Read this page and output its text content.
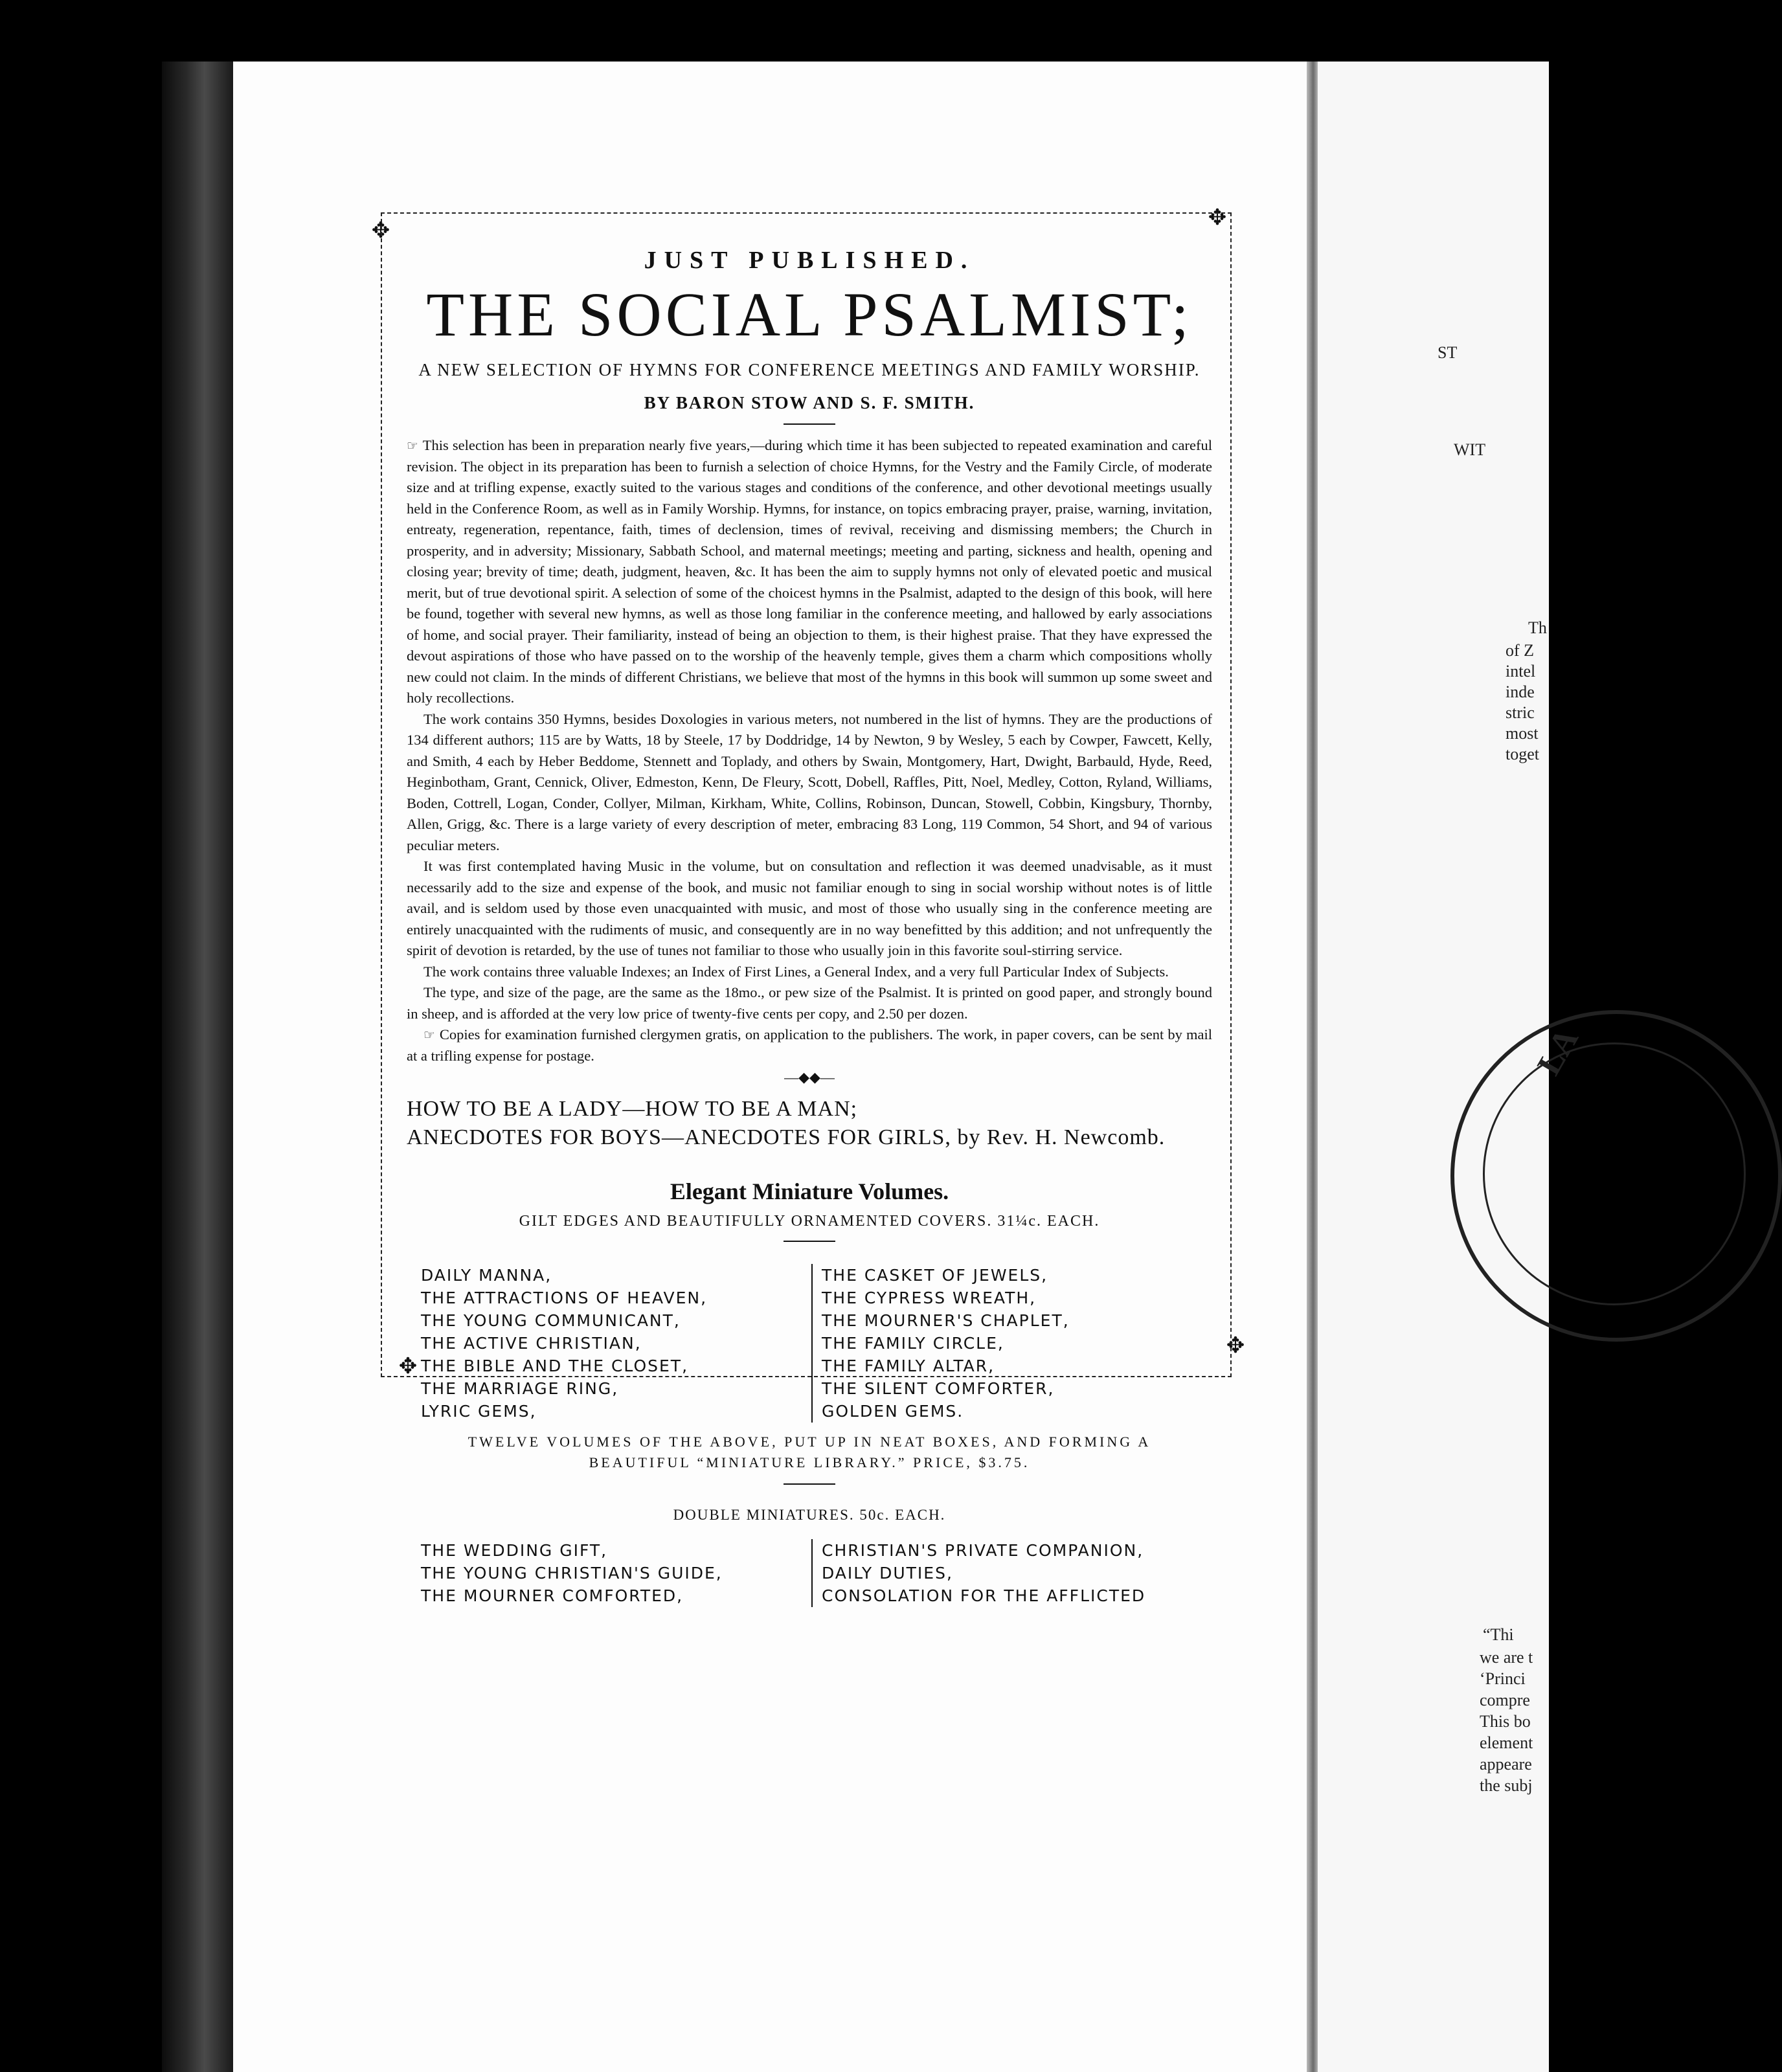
✥	✥
✥
✥
JUST PUBLISHED.
THE SOCIAL PSALMIST;
A NEW SELECTION OF HYMNS FOR CONFERENCE MEETINGS AND FAMILY WORSHIP.
BY BARON STOW AND S. F. SMITH.

☞ This selection has been in preparation nearly five years,—during which time it has been subjected to repeated examination and careful revision. The object in its preparation has been to furnish a selection of choice Hymns, for the Vestry and the Family Circle, of moderate size and at trifling expense, exactly suited to the various stages and conditions of the conference, and other devotional meetings usually held in the Conference Room, as well as in Family Worship. Hymns, for instance, on topics embracing prayer, praise, warning, invitation, entreaty, regeneration, repentance, faith, times of declension, times of revival, receiving and dismissing members; the Church in prosperity, and in adversity; Missionary, Sabbath School, and maternal meetings; meeting and parting, sickness and health, opening and closing year; brevity of time; death, judgment, heaven, &c. It has been the aim to supply hymns not only of elevated poetic and musical merit, but of true devotional spirit. A selection of some of the choicest hymns in the Psalmist, adapted to the design of this book, will here be found, together with several new hymns, as well as those long familiar in the conference meeting, and hallowed by early associations of home, and social prayer. Their familiarity, instead of being an objection to them, is their highest praise. That they have expressed the devout aspirations of those who have passed on to the worship of the heavenly temple, gives them a charm which compositions wholly new could not claim. In the minds of different Christians, we believe that most of the hymns in this book will summon up some sweet and holy recollections.

The work contains 350 Hymns, besides Doxologies in various meters, not numbered in the list of hymns. They are the productions of 134 different authors; 115 are by Watts, 18 by Steele, 17 by Doddridge, 14 by Newton, 9 by Wesley, 5 each by Cowper, Fawcett, Kelly, and Smith, 4 each by Heber Beddome, Stennett and Toplady, and others by Swain, Montgomery, Hart, Dwight, Barbauld, Hyde, Reed, Heginbotham, Grant, Cennick, Oliver, Edmeston, Kenn, De Fleury, Scott, Dobell, Raffles, Pitt, Noel, Medley, Cotton, Ryland, Williams, Boden, Cottrell, Logan, Conder, Collyer, Milman, Kirkham, White, Collins, Robinson, Duncan, Stowell, Cobbin, Kingsbury, Thornby, Allen, Grigg, &c. There is a large variety of every description of meter, embracing 83 Long, 119 Common, 54 Short, and 94 of various peculiar meters.

It was first contemplated having Music in the volume, but on consultation and reflection it was deemed unadvisable, as it must necessarily add to the size and expense of the book, and music not familiar enough to sing in social worship without notes is of little avail, and is seldom used by those even unacquainted with music, and most of those who usually sing in the conference meeting are entirely unacquainted with the rudiments of music, and consequently are in no way benefitted by this addition; and not unfrequently the spirit of devotion is retarded, by the use of tunes not familiar to those who usually join in this favorite soul-stirring service.

The work contains three valuable Indexes; an Index of First Lines, a General Index, and a very full Particular Index of Subjects.

The type, and size of the page, are the same as the 18mo., or pew size of the Psalmist. It is printed on good paper, and strongly bound in sheep, and is afforded at the very low price of twenty-five cents per copy, and 2.50 per dozen.

☞ Copies for examination furnished clergymen gratis, on application to the publishers. The work, in paper covers, can be sent by mail at a trifling expense for postage.

—◆◆—
HOW TO BE A LADY—HOW TO BE A MAN;
ANECDOTES FOR BOYS—ANECDOTES FOR GIRLS, by Rev. H. Newcomb.
Elegant Miniature Volumes.
GILT EDGES AND BEAUTIFULLY ORNAMENTED COVERS. 31¼c. EACH.
DAILY MANNA,
THE ATTRACTIONS OF HEAVEN,
THE YOUNG COMMUNICANT,
THE ACTIVE CHRISTIAN,
THE BIBLE AND THE CLOSET,
THE MARRIAGE RING,
LYRIC GEMS,
THE CASKET OF JEWELS,
THE CYPRESS WREATH,
THE MOURNER'S CHAPLET,
THE FAMILY CIRCLE,
THE FAMILY ALTAR,
THE SILENT COMFORTER,
GOLDEN GEMS.
TWELVE VOLUMES OF THE ABOVE, PUT UP IN NEAT BOXES, AND FORMING A
BEAUTIFUL “MINIATURE LIBRARY.” PRICE, $3.75.
DOUBLE MINIATURES. 50c. EACH.
THE WEDDING GIFT,
THE YOUNG CHRISTIAN'S GUIDE,
THE MOURNER COMFORTED,
CHRISTIAN'S PRIVATE COMPANION,
DAILY DUTIES,
CONSOLATION FOR THE AFFLICTED
ST
WIT
Th
of Z
intel
inde
stric
most
toget
LA
“Thi
we are t
‘Princi
compre
This bo
element
appeare
the subj
